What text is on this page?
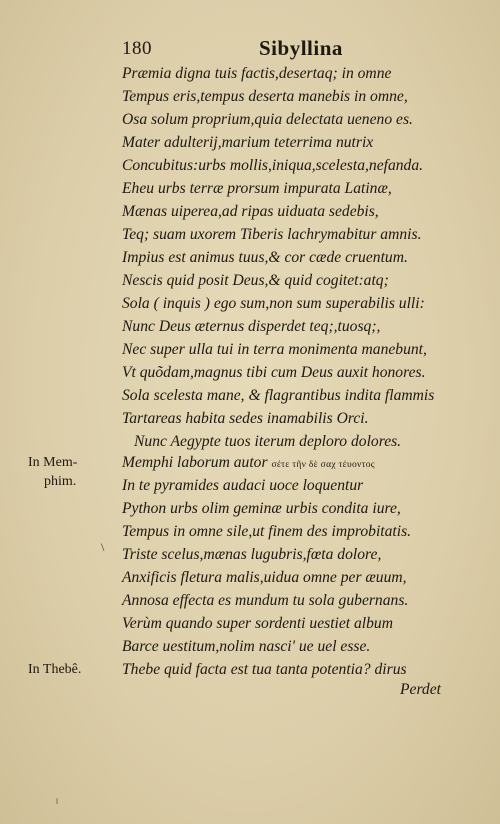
180	Sibyllina
Præmia digna tuis factis,desertaq; in omne
Tempus eris,tempus deserta manebis in omne,
Osa solum proprium,quia delectata ueneno es.
Mater adulterij,marium teterrima nutrix
Concubitus:urbs mollis,iniqua,scelesta,nefanda.
Eheu urbs terræ prorsum impurata Latinæ,
Mænas uiperea,ad ripas uiduata sedebis,
Teq; suam uxorem Tiberis lachrymabitur amnis.
Impius est animus tuus,& cor cæde cruentum.
Nescis quid posit Deus,& quid cogitet:atq;
Sola ( inquis ) ego sum,non sum superabilis ulli:
Nunc Deus æternus disperdet teq;,tuosq;,
Nec super ulla tui in terra monimenta manebunt,
Vt quõdam,magnus tibi cum Deus auxit honores.
Sola scelesta mane, & flagrantibus indita flammis
Tartareas habita sedes inamabilis Orci.
Nunc Aegypte tuos iterum deploro dolores.
Memphi laborum autor σέτε τῆν δὲ σαχ τέυοντος
In te pyramides audaci uoce loquentur
Python urbs olim geminæ urbis condita iure,
Tempus in omne sile,ut finem des improbitatis.
Triste scelus,mænas lugubris,fœta dolore,
Anxificis fletura malis,uidua omne per æuum,
Annosa effecta es mundum tu sola gubernans.
Verùm quando super sordenti uestiet album
Barce uestitum,nolim nasci' ue uel esse.
Thebe quid facta est tua tanta potentia? dirus
In Mem-
phim.
In Thebê.
\
ˡ
Perdet
